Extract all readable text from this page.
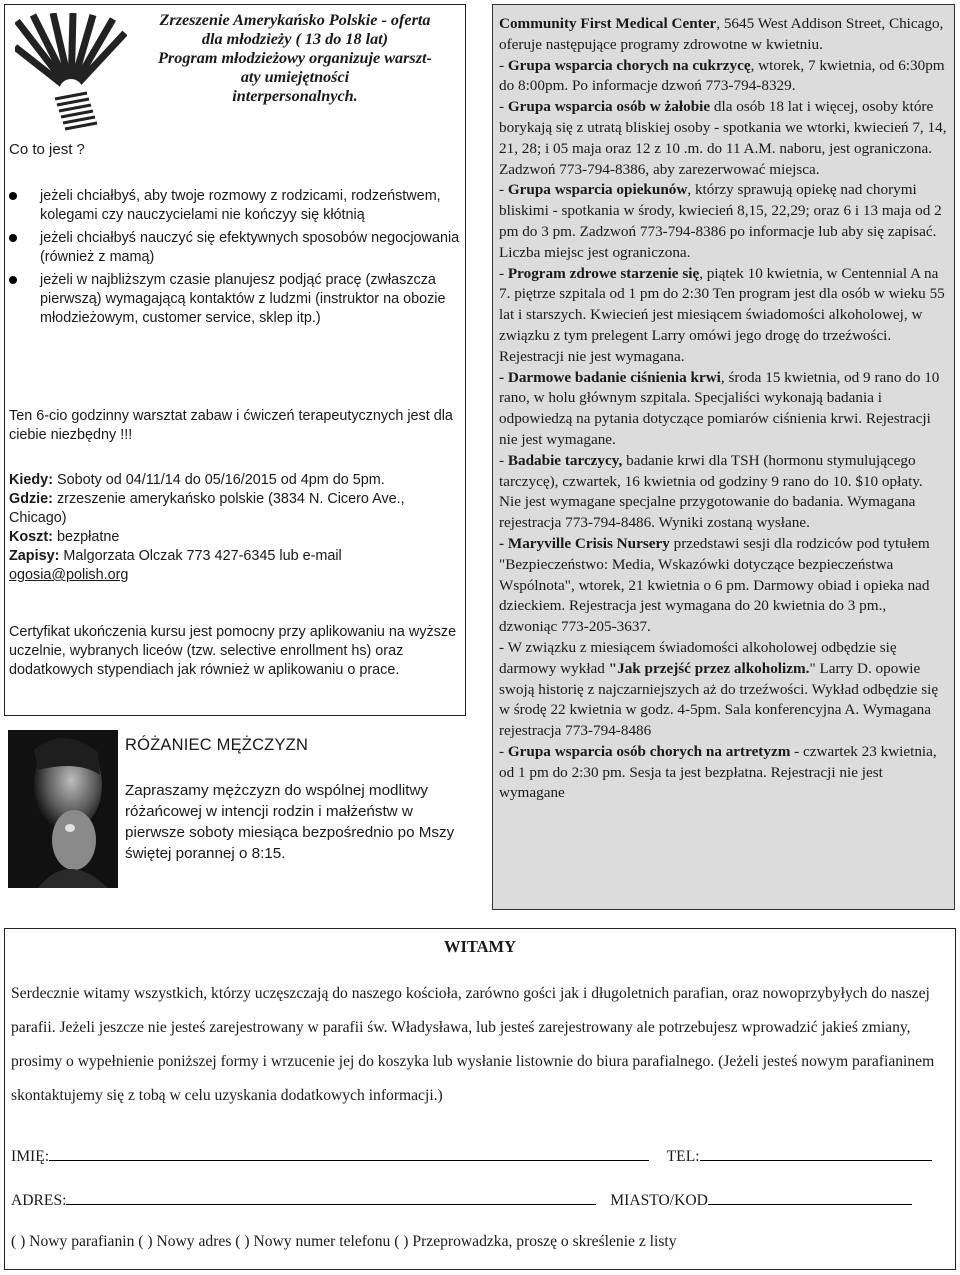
Zrzeszenie Amerykańsko Polskie - oferta
dla młodzieży ( 13 do 18 lat)
Program młodzieżowy organizuje warszt-
aty umiejętności
interpersonalnych.
Co to jest ?
jeżeli chciałbyś, aby twoje rozmowy z rodzicami, rodzeństwem, kolegami czy nauczycielami nie kończyy się kłótnią
jeżeli chciałbyś nauczyć się efektywnych sposobów negocjowania (również z mamą)
jeżeli w najbliższym czasie planujesz podjąć pracę (zwłaszcza pierwszą) wymagającą kontaktów z ludzmi (instruktor na obozie młodzieżowym, customer service, sklep itp.)
Ten 6-cio godzinny warsztat zabaw i ćwiczeń terapeutycznych jest dla ciebie niezbędny !!!
Kiedy: Soboty od 04/11/14 do 05/16/2015 od 4pm do 5pm.
Gdzie: zrzeszenie amerykańsko polskie (3834 N. Cicero Ave., Chicago)
Koszt: bezpłatne
Zapisy: Malgorzata Olczak 773 427-6345 lub e-mail ogosia@polish.org
Certyfikat ukończenia kursu jest pomocny przy aplikowaniu na wyższe uczelnie, wybranych liceów (tzw. selective enrollment hs) oraz dodatkowych stypendiach jak również w aplikowaniu o prace.
RÓŻANIEC MĘŻCZYZN
Zapraszamy mężczyzn do wspólnej modlitwy różańcowej w intencji rodzin i małżeństw w pierwsze soboty miesiąca bezpośrednio po Mszy świętej porannej o 8:15.

Community First Medical Center, 5645 West Addison Street, Chicago, oferuje następujące programy zdrowotne w kwietniu.

- Grupa wsparcia chorych na cukrzycę, wtorek, 7 kwietnia, od 6:30pm do 8:00pm. Po informacje dzwoń 773-794-8329.

- Grupa wsparcia osób w żałobie dla osób 18 lat i więcej, osoby które borykają się z utratą bliskiej osoby - spotkania we wtorki, kwiecień 7, 14, 21, 28; i 05 maja oraz 12 z 10 .m. do 11 A.M. naboru, jest ograniczona. Zadzwoń 773-794-8386, aby zarezerwować miejsca.

- Grupa wsparcia opiekunów, którzy sprawują opiekę nad chorymi bliskimi - spotkania w środy, kwiecień 8,15, 22,29; oraz 6 i 13 maja od 2 pm do 3 pm. Zadzwoń 773-794-8386 po informacje lub aby się zapisać. Liczba miejsc jest ograniczona.

- Program zdrowe starzenie się, piątek 10 kwietnia, w Centennial A na 7. piętrze szpitala od 1 pm do 2:30 Ten program jest dla osób w wieku 55 lat i starszych. Kwiecień jest miesiącem świadomości alkoholowej, w związku z tym prelegent Larry omówi jego drogę do trzeźwości. Rejestracji nie jest wymagana.

- Darmowe badanie ciśnienia krwi, środa 15 kwietnia, od 9 rano do 10 rano, w holu głównym szpitala. Specjaliści wykonają badania i odpowiedzą na pytania dotyczące pomiarów ciśnienia krwi. Rejestracji nie jest wymagane.

- Badabie tarczycy, badanie krwi dla TSH (hormonu stymulującego tarczycę), czwartek, 16 kwietnia od godziny 9 rano do 10. $10 opłaty. Nie jest wymagane specjalne przygotowanie do badania. Wymagana rejestracja 773-794-8486. Wyniki zostaną wysłane.

- Maryville Crisis Nursery przedstawi sesji dla rodziców pod tytułem "Bezpieczeństwo: Media, Wskazówki dotyczące bezpieczeństwa Wspólnota", wtorek, 21 kwietnia o 6 pm. Darmowy obiad i opieka nad dzieckiem. Rejestracja jest wymagana do 20 kwietnia do 3 pm., dzwoniąc 773-205-3637.

- W związku z miesiącem świadomości alkoholowej odbędzie się darmowy wykład "Jak przejść przez alkoholizm." Larry D. opowie swoją historię z najczarniejszych aż do trzeźwości. Wykład odbędzie się w środę 22 kwietnia w godz. 4-5pm. Sala konferencyjna A. Wymagana rejestracja 773-794-8486

- Grupa wsparcia osób chorych na artretyzm - czwartek 23 kwietnia, od 1 pm do 2:30 pm. Sesja ta jest bezpłatna. Rejestracji nie jest wymagane

WITAMY
Serdecznie witamy wszystkich, którzy uczęszczają do naszego kościoła, zarówno gości jak i długoletnich parafian, oraz nowoprzybyłych do naszej parafii. Jeżeli jeszcze nie jesteś zarejestrowany w parafii św. Władysława, lub jesteś zarejestrowany ale potrzebujesz wprowadzić jakieś zmiany, prosimy o wypełnienie poniższej formy i wrzucenie jej do koszyka lub wysłanie listownie do biura parafialnego. (Jeżeli jesteś nowym parafianinem skontaktujemy się z tobą w celu uzyskania dodatkowych informacji.)
IMIĘ:	TEL:
ADRES:	MIASTO/KOD
( ) Nowy parafianin ( ) Nowy adres ( ) Nowy numer telefonu ( ) Przeprowadzka, proszę o skreślenie z listy
